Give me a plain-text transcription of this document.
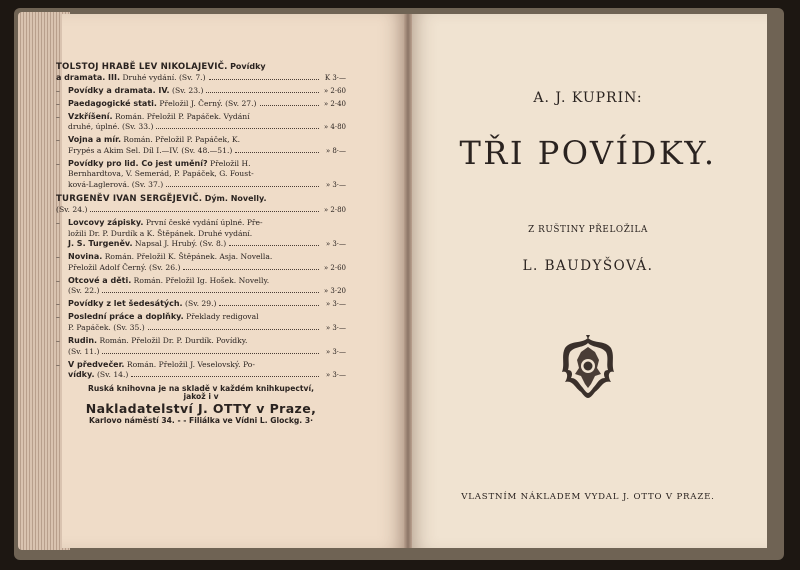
TOLSTOJ HRABĚ LEV NIKOLAJEVIČ. Povídky
a dramata. III. Druhé vydání. (Sv. 7.)	K 3·—
– Povídky a dramata. IV. (Sv. 23.)	» 2·60
– Paedagogické stati. Přeložil J. Černý. (Sv. 27.)	» 2·40
– Vzkříšení. Román. Přeložil P. Papáček. Vydání
druhé, úplné. (Sv. 33.)	» 4·80
– Vojna a mír. Román. Přeložil P. Papáček, K.
Frypés a Akim Sel. Díl I.—IV. (Sv. 48.—51.)	» 8·—
– Povídky pro lid. Co jest umění? Přeložil H.
Bernhardtova, V. Semerád, P. Papáček, G. Foust-
ková-Laglerová. (Sv. 37.)	» 3·—
TURGENĚV IVAN SERGĚJEVIČ. Dým. Novelly.
(Sv. 24.)	» 2·80
– Lovcovy zápisky. První české vydání úplné. Pře-
ložili Dr. P. Durdík a K. Štěpánek. Druhé vydání.
J. S. Turgeněv. Napsal J. Hrubý. (Sv. 8.)	» 3·—
– Novina. Román. Přeložil K. Štěpánek. Asja. Novella.
Přeložil Adolf Černý. (Sv. 26.)	» 2·60
– Otcové a děti. Román. Přeložil Ig. Hošek. Novelly.
(Sv. 22.)	» 3·20
– Povídky z let šedesátých. (Sv. 29.)	» 3·—
– Poslední práce a doplňky. Překlady redigoval
P. Papáček. (Sv. 35.)	» 3·—
– Rudin. Román. Přeložil Dr. P. Durdík. Povídky.
(Sv. 11.)	» 3·—
– V předvečer. Román. Přeložil J. Veselovský. Po-
vídky. (Sv. 14.)	» 3·—
Ruská knihovna je na skladě v každém knihkupectví,
jakož i v
Nakladatelství J. OTTY v Praze,
Karlovo náměstí 34. - - Filiálka ve Vídni L. Glockg. 3·
A. J. KUPRIN:
TŘI POVÍDKY.
Z RUŠTINY PŘELOŽILA
L. BAUDYŠOVÁ.
VLASTNÍM NÁKLADEM VYDAL J. OTTO V PRAZE.
